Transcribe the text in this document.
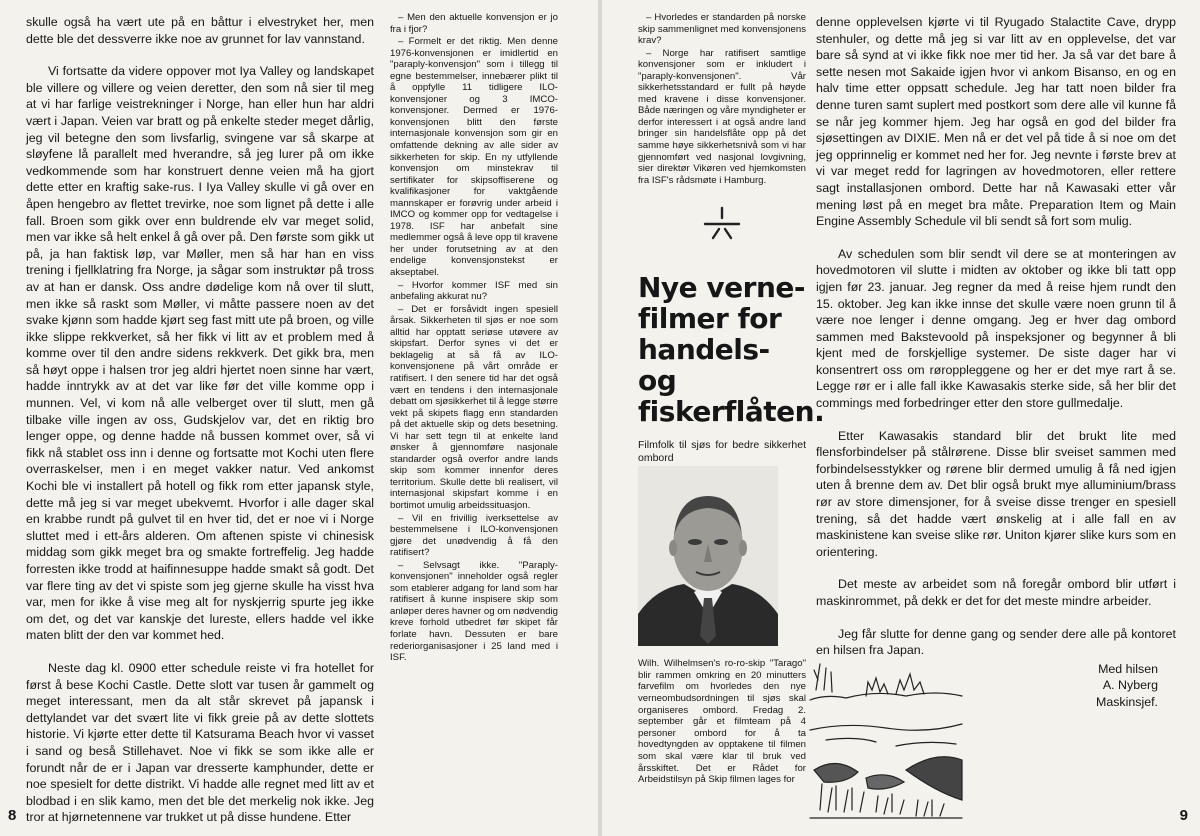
skulle også ha vært ute på en båttur i elvestryket her, men dette ble det dessverre ikke noe av grunnet for lav vannstand.

Vi fortsatte da videre oppover mot Iya Valley og landskapet ble villere og villere og veien deretter, den som nå sier til meg at vi har farlige veistrekninger i Norge, han eller hun har aldri vært i Japan. Veien var bratt og på enkelte steder meget dårlig, jeg vil betegne den som livsfarlig, svingene var så skarpe at sløyfene lå parallelt med hverandre, så jeg lurer på om ikke vedkommende som har konstruert denne veien må ha gjort dette etter en kraftig sake-rus. I Iya Valley skulle vi gå over en åpen hengebro av flettet trevirke, noe som lignet på dette i alle fall. Broen som gikk over enn buldrende elv var meget solid, men var ikke så helt enkel å gå over på. Den første som gikk ut på, ja han faktisk løp, var Møller, men så har han en viss trening i fjellklatring fra Norge, ja sågar som instruktør på tross av at han er dansk. Oss andre dødelige kom nå over til slutt, men ikke så raskt som Møller, vi måtte passere noen av det svake kjønn som hadde kjørt seg fast mitt ute på broen, og ville ikke slippe rekkverket, så her fikk vi litt av et problem med å komme over til den andre sidens rekkverk. Det gikk bra, men så høyt oppe i halsen tror jeg aldri hjertet noen sinne har vært, hadde inntrykk av at det var like før det ville komme opp i munnen. Vel, vi kom nå alle velberget over til slutt, men gå tilbake ville ingen av oss, Gudskjelov var, det en riktig bro lenger oppe, og denne hadde nå bussen kommet over, så vi fikk nå stablet oss inn i denne og fortsatte mot Kochi uten flere overraskelser, men i en meget vakker natur. Ved ankomst Kochi ble vi installert på hotell og fikk rom etter japansk style, dette må jeg si var meget ubekvemt. Hvorfor i alle dager skal en krabbe rundt på gulvet til en hver tid, det er noe vi i Norge sluttet med i ett-års alderen. Om aftenen spiste vi chinesisk middag som gikk meget bra og smakte fortreffelig. Jeg hadde forresten ikke trodd at haifinnesuppe hadde smakt så godt. Det var flere ting av det vi spiste som jeg gjerne skulle ha visst hva var, men for ikke å vise meg alt for nyskjerrig spurte jeg ikke om det, og det var kanskje det lureste, ellers hadde vel ikke maten blitt der den var kommet hed.

Neste dag kl. 0900 etter schedule reiste vi fra hotellet for først å bese Kochi Castle. Dette slott var tusen år gammelt og meget interessant, men da alt står skrevet på japansk i dettylandet var det svært lite vi fikk greie på av dette slottets historie. Vi kjørte etter dette til Katsurama Beach hvor vi vasset i sand og beså Stillehavet. Noe vi fikk se som ikke alle er forundt når de er i Japan var dresserte kamphunder, dette er noe spesielt for dette distrikt. Vi hadde alle regnet med litt av et blodbad i en slik kamo, men det ble det merkelig nok ikke. Jeg tror at hjørnetennene var trukket ut på disse hundene. Etter

– Men den aktuelle konvensjon er jo fra i fjor?

– Formelt er det riktig. Men denne 1976-konvensjonen er imidlertid en "paraply-konvensjon" som i tillegg til egne bestemmelser, innebærer plikt til å oppfylle 11 tidligere ILO-konvensjoner og 3 IMCO-konvensjoner. Dermed er 1976-konvensjonen blitt den første internasjonale konvensjon som gir en omfattende dekning av alle sider av sikkerheten for skip. En ny utfyllende konvensjon om minstekrav til sertifikater for skipsoffiserene og kvalifikasjoner for vaktgående mannskaper er forøvrig under arbeid i IMCO og kommer opp for vedtagelse i 1978. ISF har anbefalt sine medlemmer også å leve opp til kravene her under forutsetning av at den endelige konvensjonstekst er akseptabel.

– Hvorfor kommer ISF med sin anbefaling akkurat nu?

– Det er forsåvidt ingen spesiell årsak. Sikkerheten til sjøs er noe som alltid har opptatt seriøse utøvere av skipsfart. Derfor synes vi det er beklagelig at så få av ILO-konvensjonene på vårt område er ratifisert. I den senere tid har det også vært en tendens i den internasjonale debatt om sjøsikkerhet til å legge større vekt på skipets flagg enn standarden på det aktuelle skip og dets besetning. Vi har sett tegn til at enkelte land ønsker å gjennomføre nasjonale standarder også overfor andre lands skip som kommer innenfor deres territorium. Skulle dette bli realisert, vil internasjonal skipsfart komme i en bortimot umulig arbeidssituasjon.

– Vil en frivillig iverksettelse av bestemmelsene i ILO-konvensjonen gjøre det unødvendig å få den ratifisert?

– Selvsagt ikke. "Paraply-konvensjonen" inneholder også regler som etablerer adgang for land som har ratifisert å kunne inspisere skip som anløper deres havner og om nødvendig kreve forhold utbedret før skipet får forlate havn. Dessuten er bare rederiorganisasjoner i 25 land med i ISF.

8

– Hvorledes er standarden på norske skip sammenlignet med konvensjonens krav?

– Norge har ratifisert samtlige konvensjoner som er inkludert i "paraply-konvensjonen". Vår sikkerhetsstandard er fullt på høyde med kravene i disse konvensjoner. Både næringen og våre myndigheter er derfor interessert i at også andre land bringer sin handelsflåte opp på det samme høye sikkerhetsnivå som vi har gjennomført ved nasjonal lovgivning, sier direktør Vikøren ved hjemkomsten fra ISF's rådsmøte i Hamburg.

Nye verne-filmer for handels- og fiskerflåten.

Filmfolk til sjøs for bedre sikkerhet ombord

Wilh. Wilhelmsen's ro-ro-skip "Tarago" blir rammen omkring en 20 minutters farvefilm om hvorledes den nye verneombudsordningen til sjøs skal organiseres ombord. Fredag 2. september går et filmteam på 4 personer ombord for å ta hovedtyngden av opptakene til filmen som skal være klar til bruk ved årsskiftet. Det er Rådet for Arbeidstilsyn på Skip filmen lages for

denne opplevelsen kjørte vi til Ryugado Stalactite Cave, drypp stenhuler, og dette må jeg si var litt av en opplevelse, det var bare så synd at vi ikke fikk noe mer tid her. Ja så var det bare å sette nesen mot Sakaide igjen hvor vi ankom Bisanso, en og en halv time etter oppsatt schedule. Jeg har tatt noen bilder fra denne turen samt suplert med postkort som dere alle vil kunne få se når jeg kommer hjem. Jeg har også en god del bilder fra sjøsettingen av DIXIE. Men nå er det vel på tide å si noe om det jeg opprinnelig er kommet ned her for. Jeg nevnte i første brev at vi var meget redd for lagringen av hovedmotoren, eller rettere sagt installasjonen ombord. Dette har nå Kawasaki etter vår mening løst på en meget bra måte. Preparation Item og Main Engine Assembly Schedule vil bli sendt så fort som mulig.

Av schedulen som blir sendt vil dere se at monteringen av hovedmotoren vil slutte i midten av oktober og ikke bli tatt opp igjen før 23. januar. Jeg regner da med å reise hjem rundt den 15. oktober. Jeg kan ikke innse det skulle være noen grunn til å være noe lenger i denne omgang. Jeg er hver dag ombord sammen med Bakstevoold på inspeksjoner og begynner å bli kjent med de forskjellige systemer. De siste dager har vi konsentrert oss om røroppleggene og her er det mye rart å se. Legge rør er i alle fall ikke Kawasakis sterke side, så her blir det commings med forbedringer etter den store gullmedalje.

Etter Kawasakis standard blir det brukt lite med flensforbindelser på stålrørene. Disse blir sveiset sammen med forbindelsesstykker og rørene blir dermed umulig å få ned igjen uten å brenne dem av. Det blir også brukt mye alluminium/brass rør av store dimensjoner, for å sveise disse trenger en spesiell trening, så det hadde vært ønskelig at i alle fall en av maskinistene kan sveise slike rør. Uniton kjører slike kurs som en orientering.

Det meste av arbeidet som nå foregår ombord blir utført i maskinrommet, på dekk er det for det meste mindre arbeider.

Jeg får slutte for denne gang og sender dere alle på kontoret en hilsen fra Japan.

Med hilsen
A. Nyberg
Maskinsjef.
9
